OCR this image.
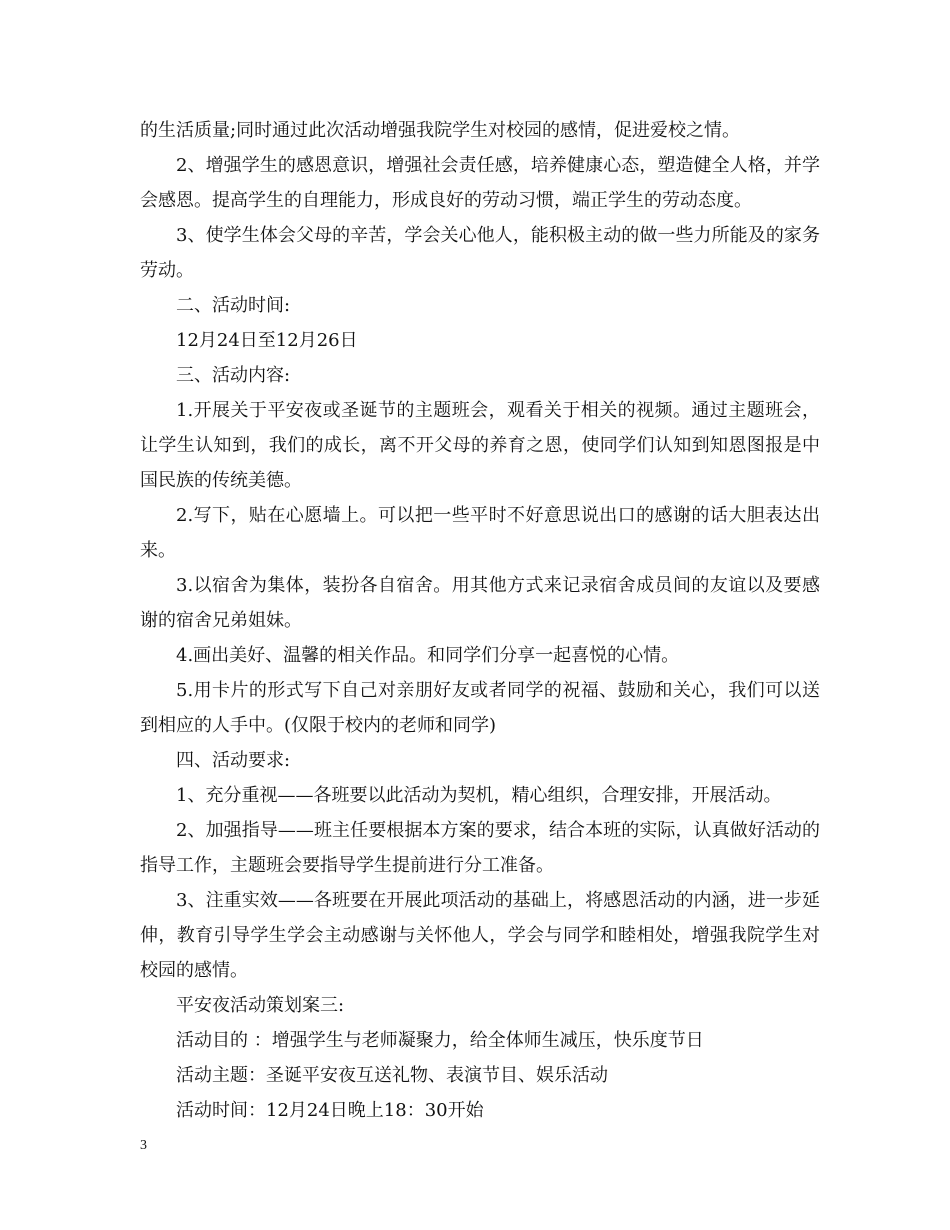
的生活质量;同时通过此次活动增强我院学生对校园的感情，促进爱校之情。

2、增强学生的感恩意识，增强社会责任感，培养健康心态，塑造健全人格，并学会感恩。提高学生的自理能力，形成良好的劳动习惯，端正学生的劳动态度。

3、使学生体会父母的辛苦，学会关心他人，能积极主动的做一些力所能及的家务劳动。

二、活动时间:

12月24日至12月26日

三、活动内容:

1.开展关于平安夜或圣诞节的主题班会，观看关于相关的视频。通过主题班会，让学生认知到，我们的成长，离不开父母的养育之恩，使同学们认知到知恩图报是中国民族的传统美德。

2.写下，贴在心愿墙上。可以把一些平时不好意思说出口的感谢的话大胆表达出来。

3.以宿舍为集体，装扮各自宿舍。用其他方式来记录宿舍成员间的友谊以及要感谢的宿舍兄弟姐妹。

4.画出美好、温馨的相关作品。和同学们分享一起喜悦的心情。

5.用卡片的形式写下自己对亲朋好友或者同学的祝福、鼓励和关心，我们可以送到相应的人手中。(仅限于校内的老师和同学)

四、活动要求:

1、充分重视——各班要以此活动为契机，精心组织，合理安排，开展活动。

2、加强指导——班主任要根据本方案的要求，结合本班的实际，认真做好活动的指导工作，主题班会要指导学生提前进行分工准备。

3、注重实效——各班要在开展此项活动的基础上，将感恩活动的内涵，进一步延伸，教育引导学生学会主动感谢与关怀他人，学会与同学和睦相处，增强我院学生对校园的感情。

平安夜活动策划案三:

活动目的 ：增强学生与老师凝聚力，给全体师生减压，快乐度节日

活动主题：圣诞平安夜互送礼物、表演节目、娱乐活动

活动时间：12月24日晚上18：30开始

3
